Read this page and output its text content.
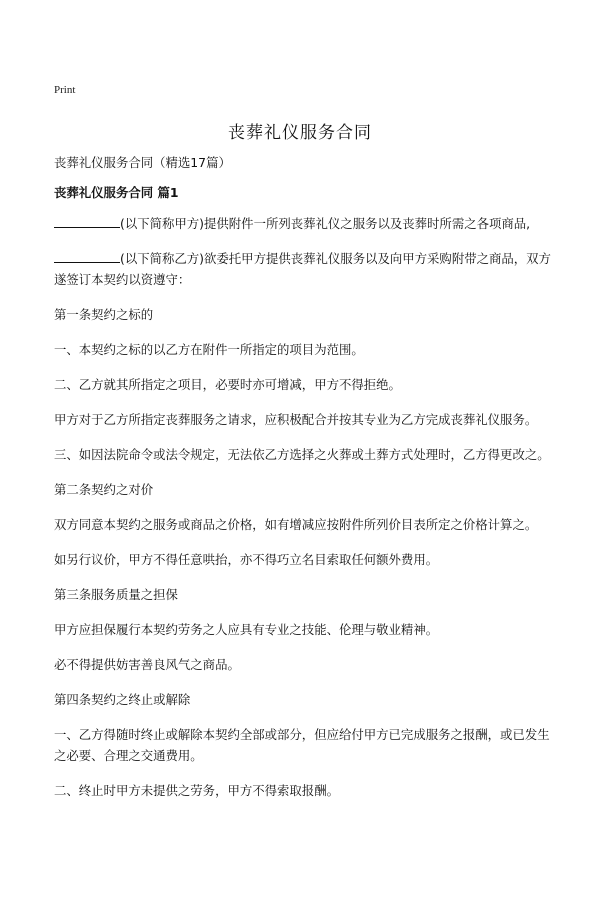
Print
丧葬礼仪服务合同

丧葬礼仪服务合同（精选17篇）

丧葬礼仪服务合同 篇1

(以下简称甲方)提供附件一所列丧葬礼仪之服务以及丧葬时所需之各项商品,

(以下简称乙方)欲委托甲方提供丧葬礼仪服务以及向甲方采购附带之商品，双方遂签订本契约以资遵守：

第一条契约之标的

一、本契约之标的以乙方在附件一所指定的项目为范围。

二、乙方就其所指定之项目，必要时亦可增减，甲方不得拒绝。

甲方对于乙方所指定丧葬服务之请求，应积极配合并按其专业为乙方完成丧葬礼仪服务。

三、如因法院命令或法令规定，无法依乙方选择之火葬或土葬方式处理时，乙方得更改之。

第二条契约之对价

双方同意本契约之服务或商品之价格，如有增减应按附件所列价目表所定之价格计算之。

如另行议价，甲方不得任意哄抬，亦不得巧立名目索取任何额外费用。

第三条服务质量之担保

甲方应担保履行本契约劳务之人应具有专业之技能、伦理与敬业精神。

必不得提供妨害善良风气之商品。

第四条契约之终止或解除

一、乙方得随时终止或解除本契约全部或部分，但应给付甲方已完成服务之报酬，或已发生之必要、合理之交通费用。

二、终止时甲方未提供之劳务，甲方不得索取报酬。
